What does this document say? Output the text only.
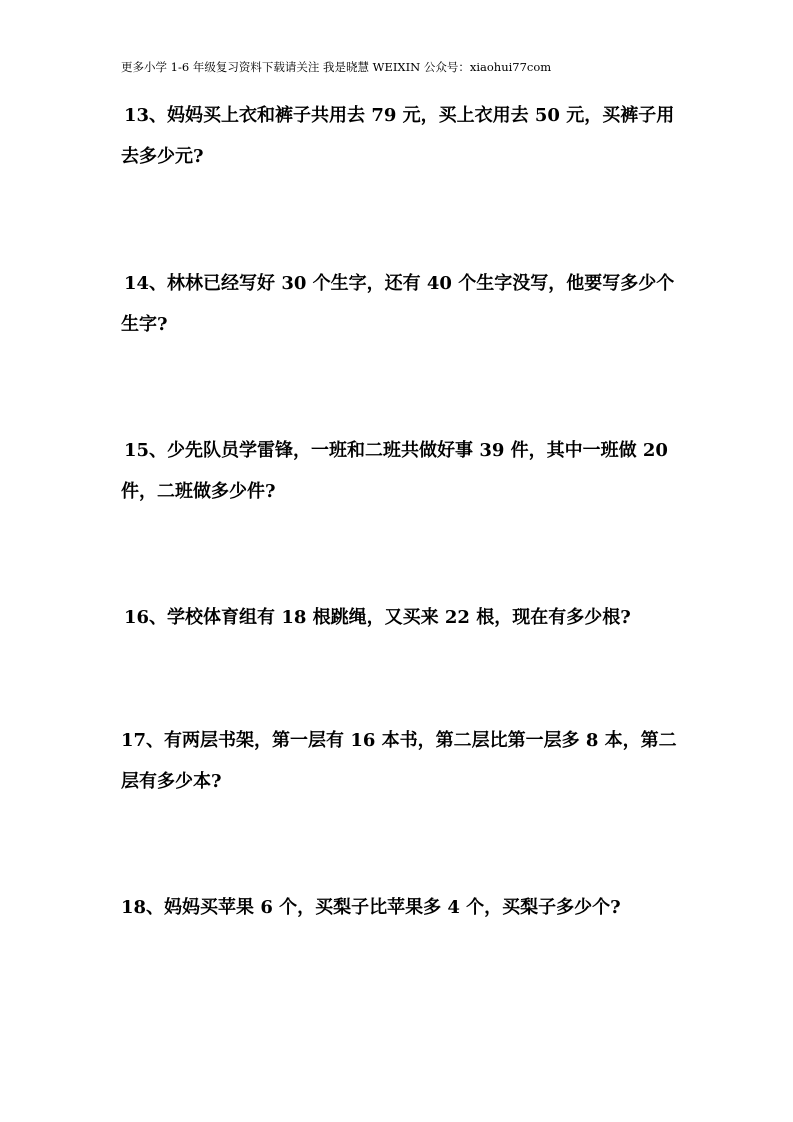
更多小学 1-6 年级复习资料下载请关注 我是晓慧 WEIXIN 公众号：xiaohui77com
13、妈妈买上衣和裤子共用去 79 元，买上衣用去 50 元，买裤子用
去多少元?
14、林林已经写好 30 个生字，还有 40 个生字没写，他要写多少个
生字?
15、少先队员学雷锋，一班和二班共做好事 39 件，其中一班做 20
件，二班做多少件?
16、学校体育组有 18 根跳绳，又买来 22 根，现在有多少根?
17、有两层书架，第一层有 16 本书，第二层比第一层多 8 本，第二
层有多少本?
18、妈妈买苹果 6 个，买梨子比苹果多 4 个，买梨子多少个?
